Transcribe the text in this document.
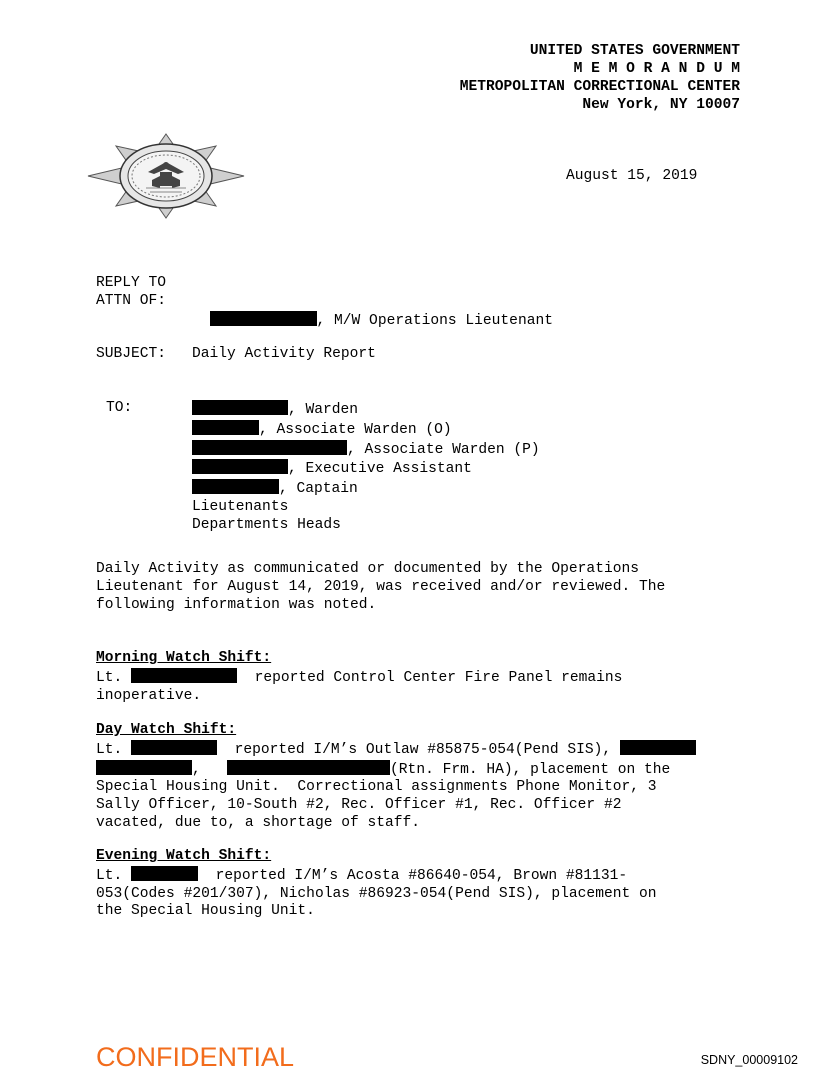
UNITED STATES GOVERNMENT
M E M O R A N D U M
METROPOLITAN CORRECTIONAL CENTER
New York, NY 10007
August 15, 2019
REPLY TO
ATTN OF:

, M/W Operations Lieutenant

SUBJECT: Daily Activity Report
TO:	, Warden
, Associate Warden (O)
, Associate Warden (P)
, Executive Assistant
, Captain
Lieutenants
Departments Heads
Daily Activity as communicated or documented by the Operations
Lieutenant for August 14, 2019, was received and/or reviewed. The
following information was noted.
Morning Watch Shift:
Lt.	reported Control Center Fire Panel remains
inoperative.
Day Watch Shift:
Lt.	reported I/M’s Outlaw #85875-054(Pend SIS),
,	(Rtn. Frm. HA), placement on the
Special Housing Unit.  Correctional assignments Phone Monitor, 3
Sally Officer, 10-South #2, Rec. Officer #1, Rec. Officer #2
vacated, due to, a shortage of staff.
Evening Watch Shift:
Lt.	reported I/M’s Acosta #86640-054, Brown #81131-
053(Codes #201/307), Nicholas #86923-054(Pend SIS), placement on
the Special Housing Unit.
CONFIDENTIAL	SDNY_00009102
